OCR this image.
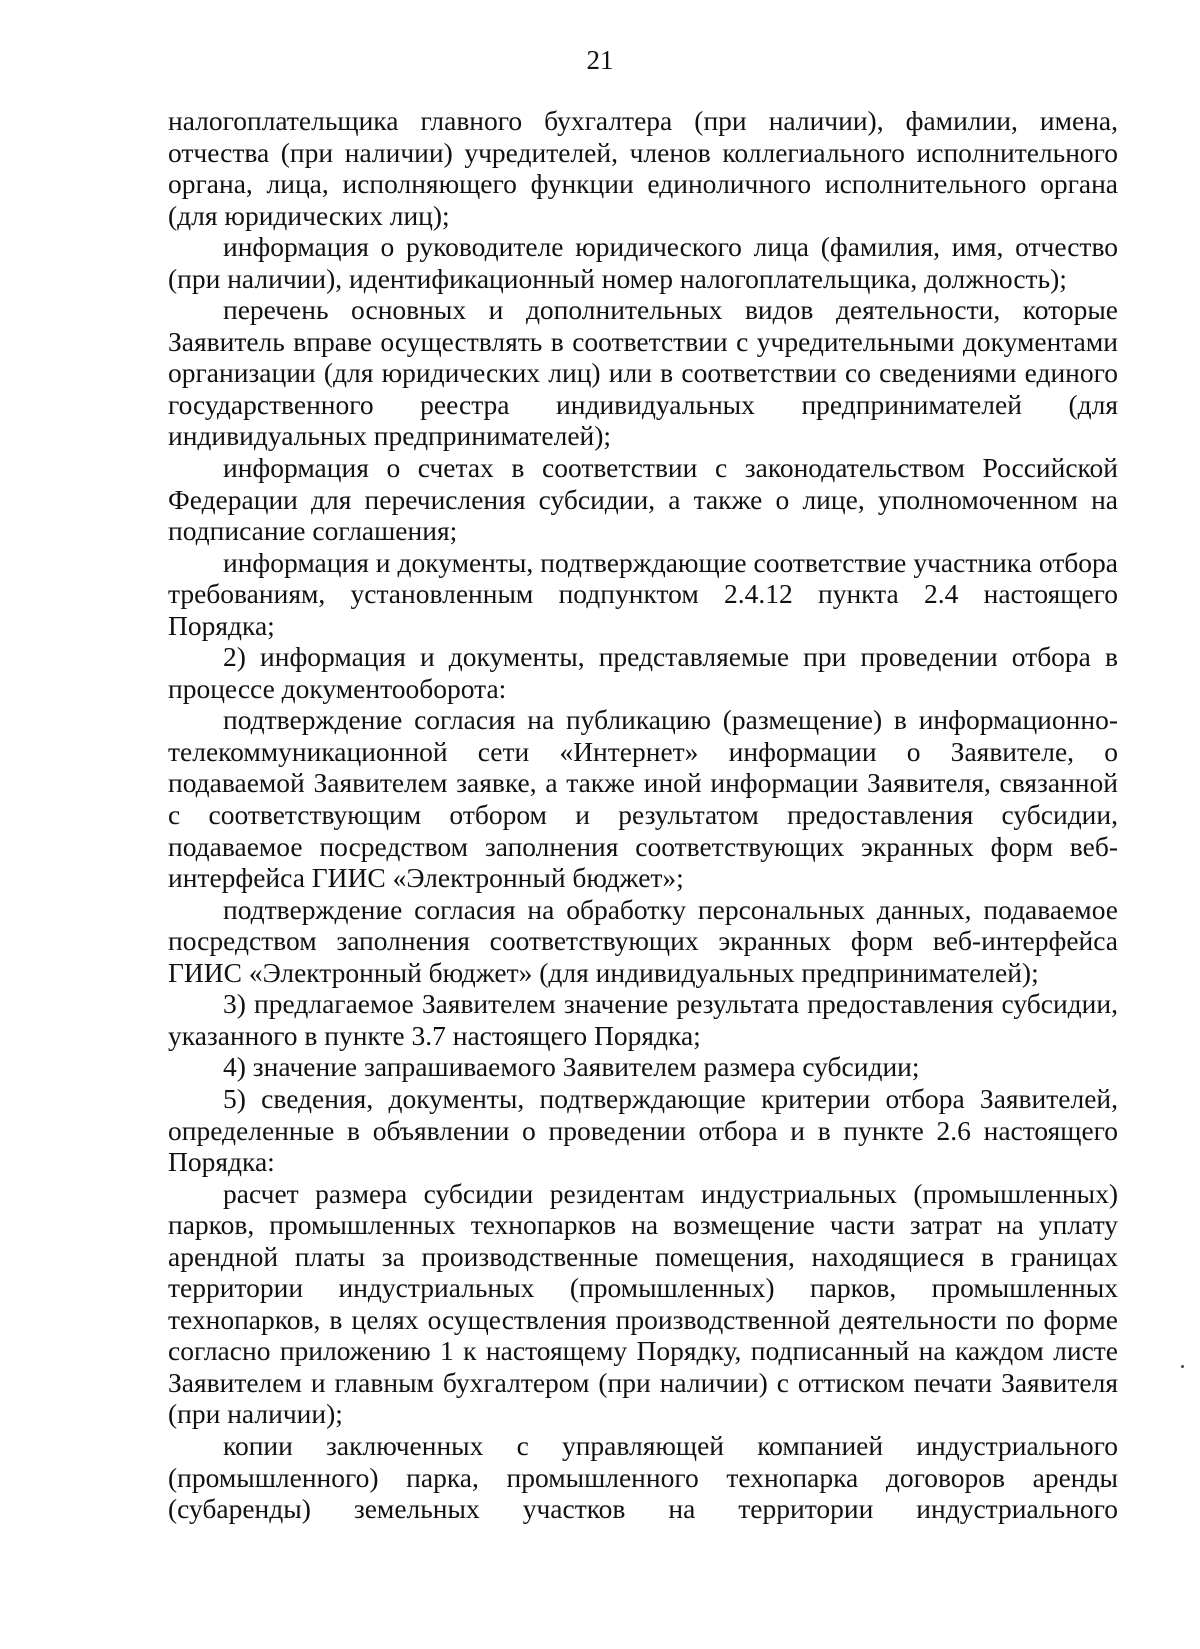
21

налогоплательщика главного бухгалтера (при наличии), фамилии, имена, отчества (при наличии) учредителей, членов коллегиального исполнительного органа, лица, исполняющего функции единоличного исполнительного органа (для юридических лиц);

информация о руководителе юридического лица (фамилия, имя, отчество (при наличии), идентификационный номер налогоплательщика, должность);

перечень основных и дополнительных видов деятельности, которые Заявитель вправе осуществлять в соответствии с учредительными документами организации (для юридических лиц) или в соответствии со сведениями единого государственного реестра индивидуальных предпринимателей (для индивидуальных предпринимателей);

информация о счетах в соответствии с законодательством Российской Федерации для перечисления субсидии, а также о лице, уполномоченном на подписание соглашения;

информация и документы, подтверждающие соответствие участника отбора требованиям, установленным подпунктом 2.4.12 пункта 2.4 настоящего Порядка;

2) информация и документы, представляемые при проведении отбора в процессе документооборота:

подтверждение согласия на публикацию (размещение) в информационно-телекоммуникационной сети «Интернет» информации о Заявителе, о подаваемой Заявителем заявке, а также иной информации Заявителя, связанной с соответствующим отбором и результатом предоставления субсидии, подаваемое посредством заполнения соответствующих экранных форм веб-интерфейса ГИИС «Электронный бюджет»;

подтверждение согласия на обработку персональных данных, подаваемое посредством заполнения соответствующих экранных форм веб-интерфейса ГИИС «Электронный бюджет» (для индивидуальных предпринимателей);

3) предлагаемое Заявителем значение результата предоставления субсидии, указанного в пункте 3.7 настоящего Порядка;

4) значение запрашиваемого Заявителем размера субсидии;

5) сведения, документы, подтверждающие критерии отбора Заявителей, определенные в объявлении о проведении отбора и в пункте 2.6 настоящего Порядка:

расчет размера субсидии резидентам индустриальных (промышленных) парков, промышленных технопарков на возмещение части затрат на уплату арендной платы за производственные помещения, находящиеся в границах территории индустриальных (промышленных) парков, промышленных технопарков, в целях осуществления производственной деятельности по форме согласно приложению 1 к настоящему Порядку, подписанный на каждом листе Заявителем и главным бухгалтером (при наличии) с оттиском печати Заявителя (при наличии);

копии заключенных с управляющей компанией индустриального (промышленного) парка, промышленного технопарка договоров аренды (субаренды) земельных участков на территории индустриального
